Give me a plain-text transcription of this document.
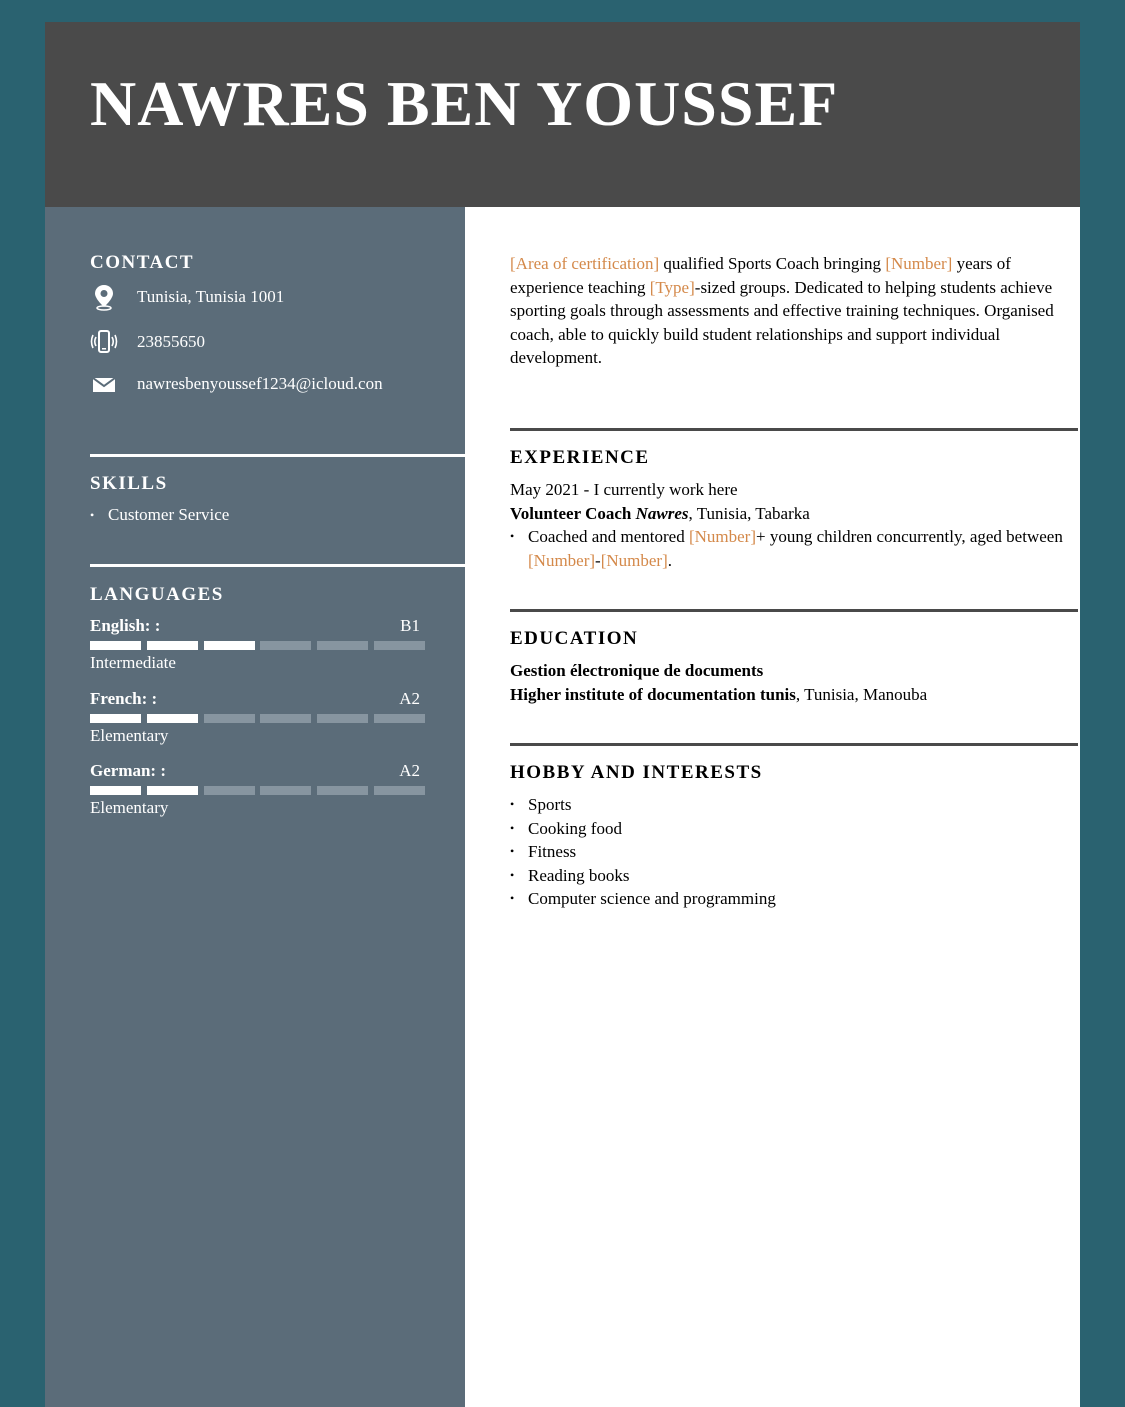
NAWRES BEN YOUSSEF
CONTACT
Tunisia, Tunisia 1001
23855650
nawresbenyoussef1234@icloud.con
SKILLS
• Customer Service
LANGUAGES
English: :	B1
Intermediate
French: :	A2
Elementary
German: :	A2
Elementary

[Area of certification] qualified Sports Coach bringing [Number] years of experience teaching [Type]-sized groups. Dedicated to helping students achieve sporting goals through assessments and effective training techniques. Organised coach, able to quickly build student relationships and support individual development.

EXPERIENCE

May 2021 - I currently work here

Volunteer Coach Nawres, Tunisia, Tabarka

• Coached and mentored [Number]+ young children concurrently, aged between [Number]-[Number].
EDUCATION

Gestion électronique de documents

Higher institute of documentation tunis, Tunisia, Manouba

HOBBY AND INTERESTS
• Sports
• Cooking food
• Fitness
• Reading books
• Computer science and programming
